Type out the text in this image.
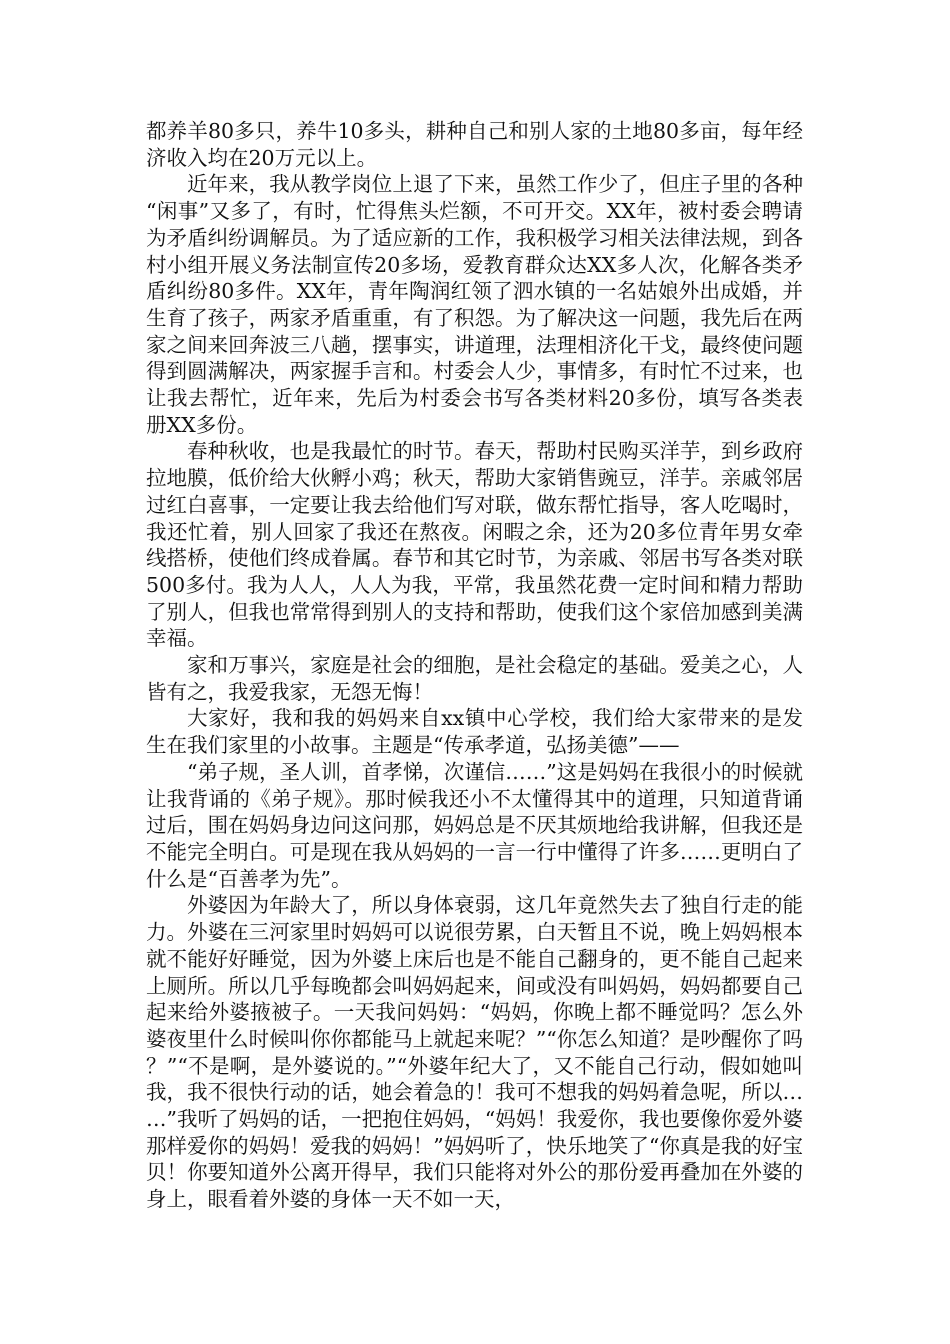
都养羊80多只，养牛10多头，耕种自己和别人家的土地80多亩，每年经济收入均在20万元以上。

近年来，我从教学岗位上退了下来，虽然工作少了，但庄子里的各种“闲事”又多了，有时，忙得焦头烂额，不可开交。XX年，被村委会聘请为矛盾纠纷调解员。为了适应新的工作，我积极学习相关法律法规，到各村小组开展义务法制宣传20多场，爱教育群众达XX多人次，化解各类矛盾纠纷80多件。XX年，青年陶润红领了泗水镇的一名姑娘外出成婚，并生育了孩子，两家矛盾重重，有了积怨。为了解决这一问题，我先后在两家之间来回奔波三八趟，摆事实，讲道理，法理相济化干戈，最终使问题得到圆满解决，两家握手言和。村委会人少，事情多，有时忙不过来，也让我去帮忙，近年来，先后为村委会书写各类材料20多份，填写各类表册XX多份。

春种秋收，也是我最忙的时节。春天，帮助村民购买洋芋，到乡政府拉地膜，低价给大伙孵小鸡；秋天，帮助大家销售豌豆，洋芋。亲戚邻居过红白喜事，一定要让我去给他们写对联，做东帮忙指导，客人吃喝时，我还忙着，别人回家了我还在熬夜。闲暇之余，还为20多位青年男女牵线搭桥，使他们终成眷属。春节和其它时节，为亲戚、邻居书写各类对联500多付。我为人人，人人为我，平常，我虽然花费一定时间和精力帮助了别人，但我也常常得到别人的支持和帮助，使我们这个家倍加感到美满幸福。

家和万事兴，家庭是社会的细胞，是社会稳定的基础。爱美之心，人皆有之，我爱我家，无怨无悔！

大家好，我和我的妈妈来自xx镇中心学校，我们给大家带来的是发生在我们家里的小故事。主题是“传承孝道，弘扬美德”——

“弟子规，圣人训，首孝悌，次谨信……”这是妈妈在我很小的时候就让我背诵的《弟子规》。那时候我还小不太懂得其中的道理，只知道背诵过后，围在妈妈身边问这问那，妈妈总是不厌其烦地给我讲解，但我还是不能完全明白。可是现在我从妈妈的一言一行中懂得了许多……更明白了什么是“百善孝为先”。

外婆因为年龄大了，所以身体衰弱，这几年竟然失去了独自行走的能力。外婆在三河家里时妈妈可以说很劳累，白天暂且不说，晚上妈妈根本就不能好好睡觉，因为外婆上床后也是不能自己翻身的，更不能自己起来上厕所。所以几乎每晚都会叫妈妈起来，间或没有叫妈妈，妈妈都要自己起来给外婆掖被子。一天我问妈妈：“妈妈，你晚上都不睡觉吗？怎么外婆夜里什么时候叫你你都能马上就起来呢？”“你怎么知道？是吵醒你了吗？”“不是啊，是外婆说的。”“外婆年纪大了，又不能自己行动，假如她叫我，我不很快行动的话，她会着急的！我可不想我的妈妈着急呢，所以……”我听了妈妈的话，一把抱住妈妈，“妈妈！我爱你，我也要像你爱外婆那样爱你的妈妈！爱我的妈妈！”妈妈听了，快乐地笑了“你真是我的好宝贝！你要知道外公离开得早，我们只能将对外公的那份爱再叠加在外婆的身上，眼看着外婆的身体一天不如一天，
